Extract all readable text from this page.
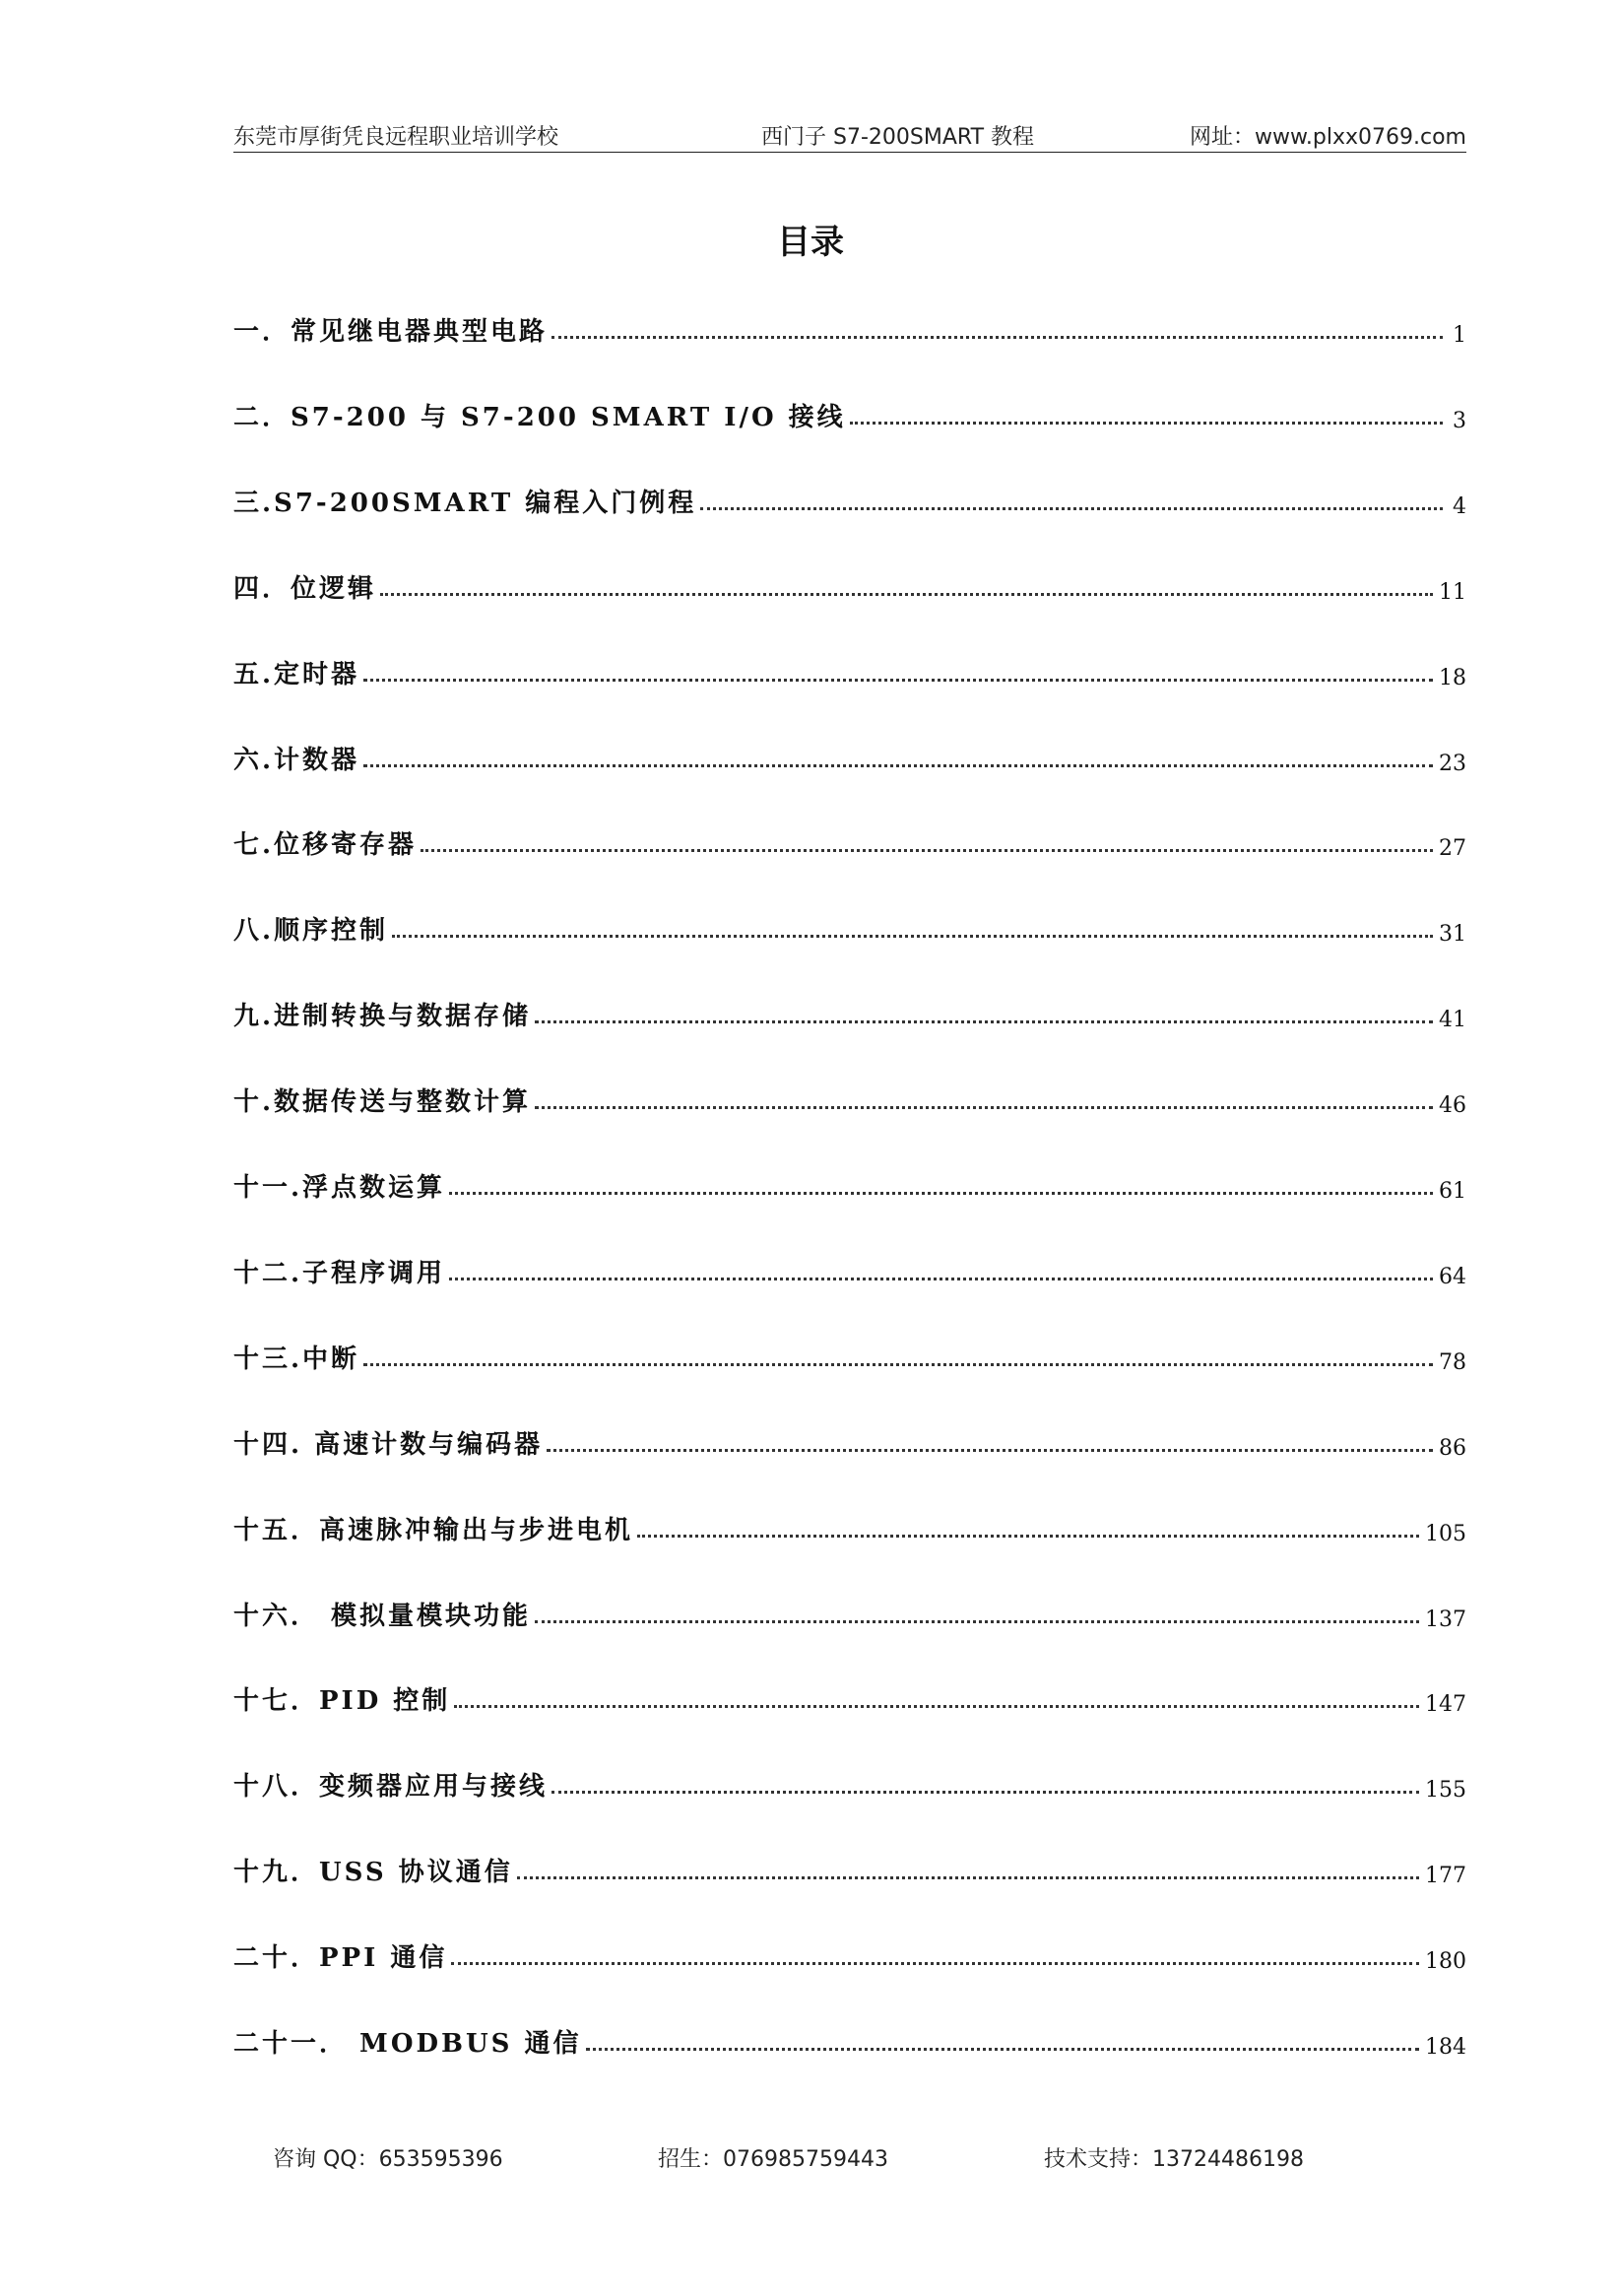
东莞市厚街凭良远程职业培训学校	西门子 S7-200SMART 教程	网址：www.plxx0769.com
目录
一．常见继电器典型电路	1
二．S7-200 与 S7-200 SMART I/O 接线	3
三.S7-200SMART 编程入门例程	4
四．位逻辑	11
五.定时器	18
六.计数器	23
七.位移寄存器	27
八.顺序控制	31
九.进制转换与数据存储	41
十.数据传送与整数计算	46
十一.浮点数运算	61
十二.子程序调用	64
十三.中断	78
十四. 高速计数与编码器	86
十五．高速脉冲输出与步进电机	105
十六． 模拟量模块功能	137
十七．PID 控制	147
十八．变频器应用与接线	155
十九．USS 协议通信	177
二十．PPI 通信	180
二十一． MODBUS 通信	184
咨询 QQ：653595396	招生：076985759443	技术支持：13724486198
